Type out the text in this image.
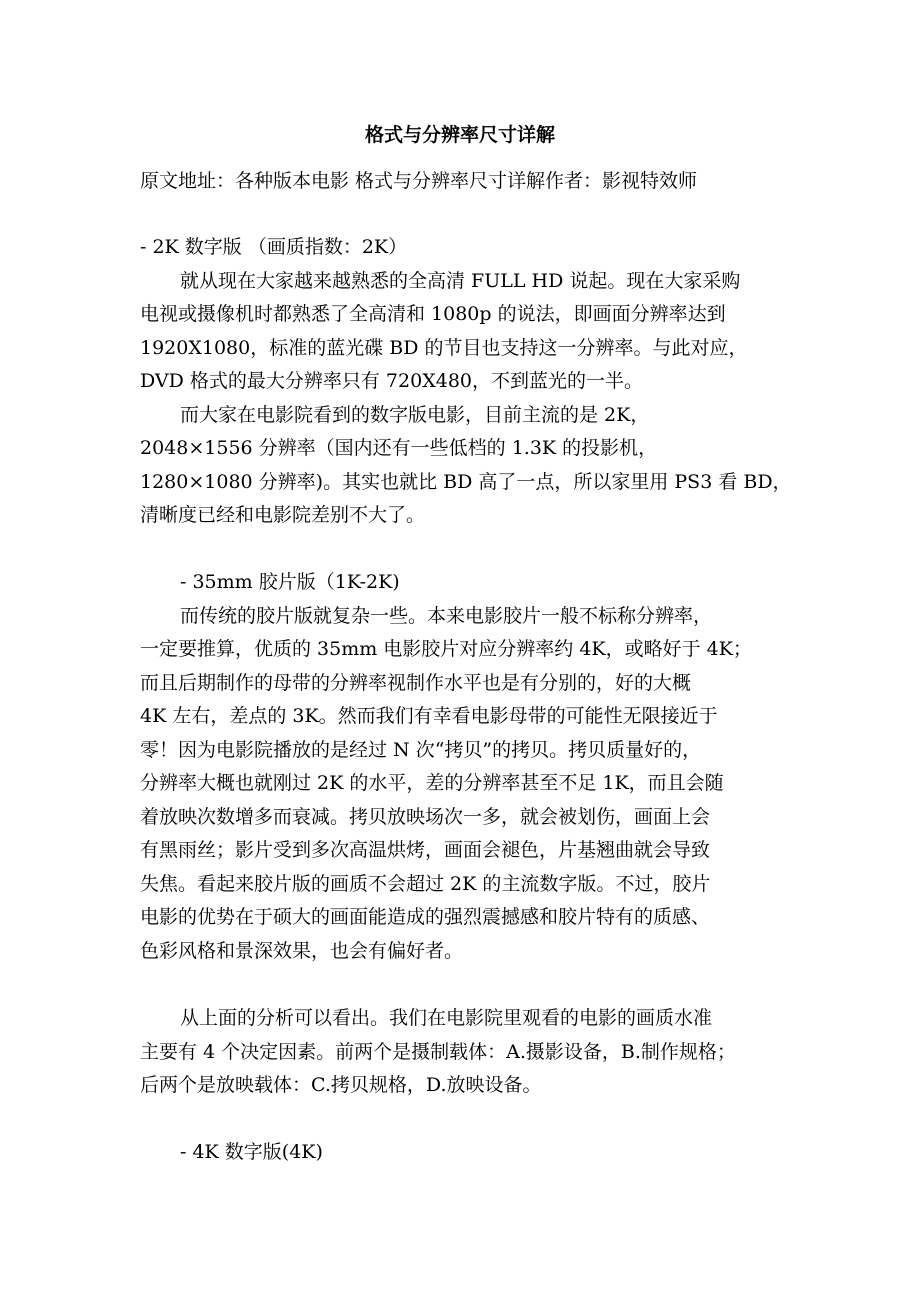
格式与分辨率尺寸详解
原文地址：各种版本电影 格式与分辨率尺寸详解作者：影视特效师
- 2K 数字版 （画质指数：2K）
就从现在大家越来越熟悉的全高清 FULL HD 说起。现在大家采购
电视或摄像机时都熟悉了全高清和 1080p 的说法，即画面分辨率达到
1920X1080，标准的蓝光碟 BD 的节目也支持这一分辨率。与此对应，
DVD 格式的最大分辨率只有 720X480，不到蓝光的一半。
而大家在电影院看到的数字版电影，目前主流的是 2K，
2048×1556 分辨率（国内还有一些低档的 1.3K 的投影机，
1280×1080 分辨率)。其实也就比 BD 高了一点，所以家里用 PS3 看 BD，
清晰度已经和电影院差别不大了。
- 35mm 胶片版（1K-2K)
而传统的胶片版就复杂一些。本来电影胶片一般不标称分辨率，
一定要推算，优质的 35mm 电影胶片对应分辨率约 4K，或略好于 4K；
而且后期制作的母带的分辨率视制作水平也是有分别的，好的大概
4K 左右，差点的 3K。然而我们有幸看电影母带的可能性无限接近于
零！因为电影院播放的是经过 N 次“拷贝”的拷贝。拷贝质量好的，
分辨率大概也就刚过 2K 的水平，差的分辨率甚至不足 1K，而且会随
着放映次数增多而衰减。拷贝放映场次一多，就会被划伤，画面上会
有黑雨丝；影片受到多次高温烘烤，画面会褪色，片基翘曲就会导致
失焦。看起来胶片版的画质不会超过 2K 的主流数字版。不过，胶片
电影的优势在于硕大的画面能造成的强烈震撼感和胶片特有的质感、
色彩风格和景深效果，也会有偏好者。
从上面的分析可以看出。我们在电影院里观看的电影的画质水准
主要有 4 个决定因素。前两个是摄制载体：A.摄影设备，B.制作规格；
后两个是放映载体：C.拷贝规格，D.放映设备。
- 4K 数字版(4K)
